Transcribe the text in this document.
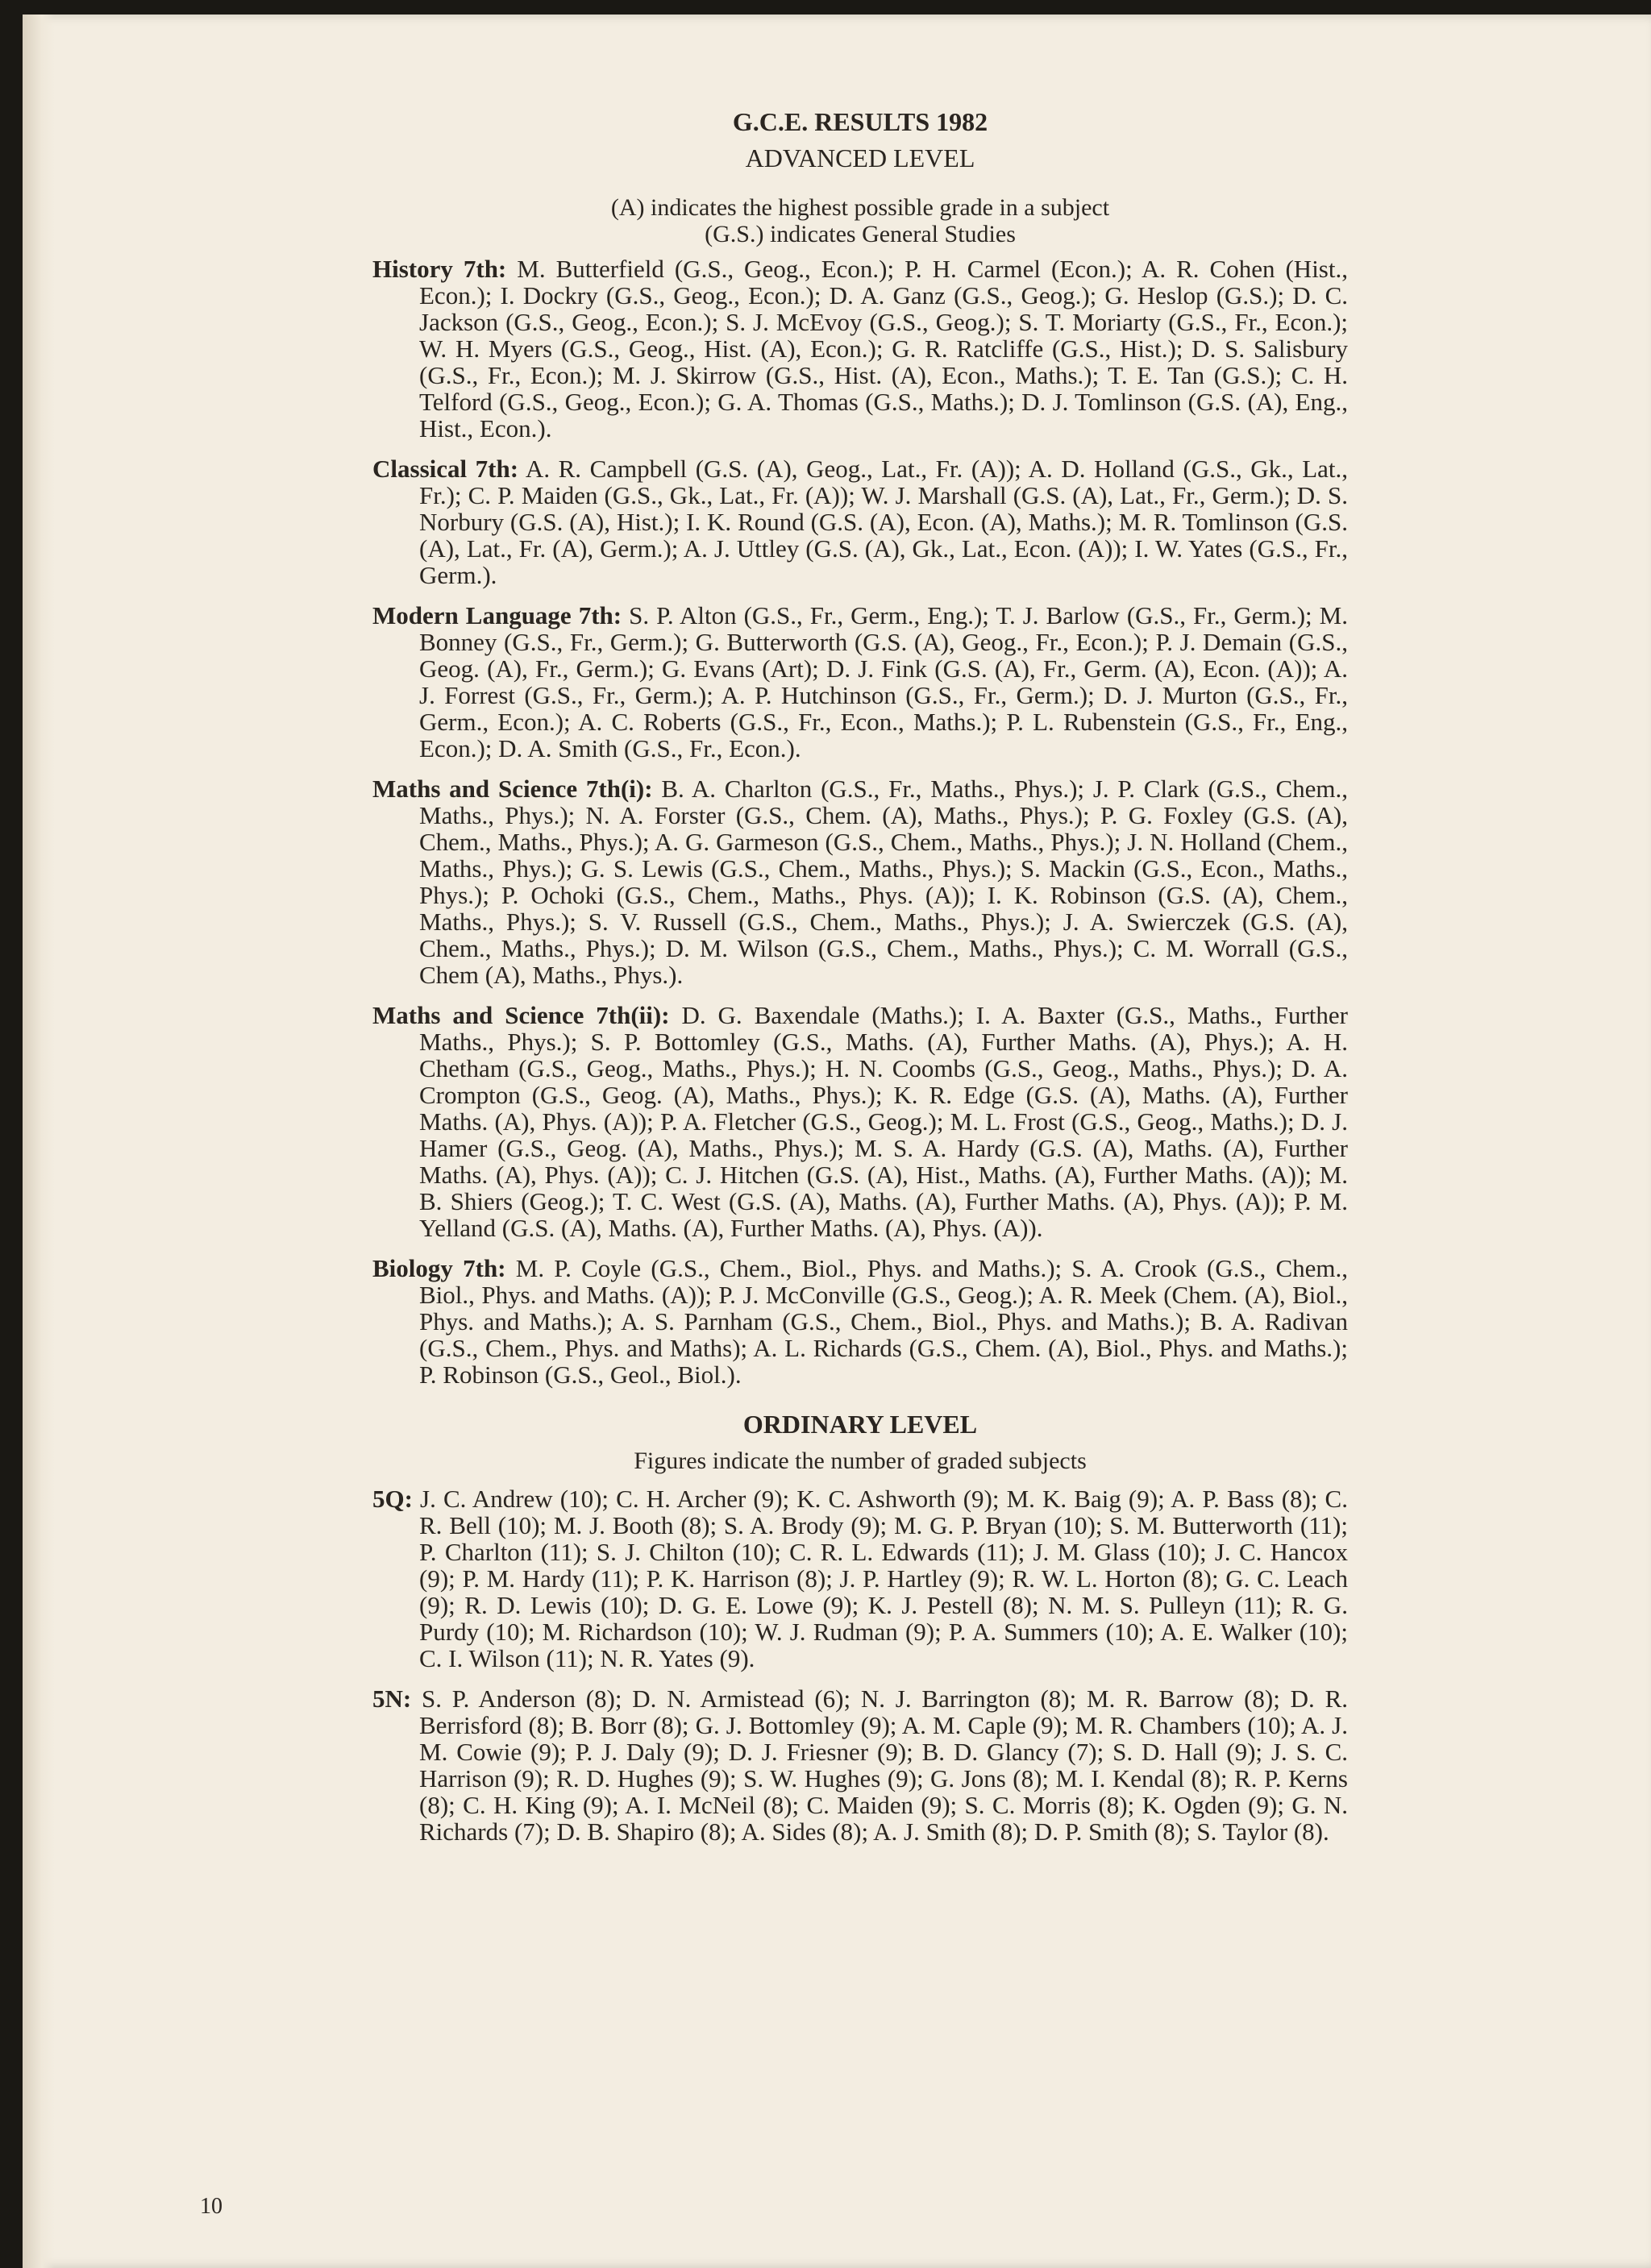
G.C.E. RESULTS 1982
ADVANCED LEVEL
(A) indicates the highest possible grade in a subject
(G.S.) indicates General Studies

History 7th: M. Butterfield (G.S., Geog., Econ.); P. H. Carmel (Econ.); A. R. Cohen (Hist., Econ.); I. Dockry (G.S., Geog., Econ.); D. A. Ganz (G.S., Geog.); G. Heslop (G.S.); D. C. Jackson (G.S., Geog., Econ.); S. J. McEvoy (G.S., Geog.); S. T. Moriarty (G.S., Fr., Econ.); W. H. Myers (G.S., Geog., Hist. (A), Econ.); G. R. Ratcliffe (G.S., Hist.); D. S. Salisbury (G.S., Fr., Econ.); M. J. Skirrow (G.S., Hist. (A), Econ., Maths.); T. E. Tan (G.S.); C. H. Telford (G.S., Geog., Econ.); G. A. Thomas (G.S., Maths.); D. J. Tomlinson (G.S. (A), Eng., Hist., Econ.).

Classical 7th: A. R. Campbell (G.S. (A), Geog., Lat., Fr. (A)); A. D. Holland (G.S., Gk., Lat., Fr.); C. P. Maiden (G.S., Gk., Lat., Fr. (A)); W. J. Marshall (G.S. (A), Lat., Fr., Germ.); D. S. Norbury (G.S. (A), Hist.); I. K. Round (G.S. (A), Econ. (A), Maths.); M. R. Tomlinson (G.S. (A), Lat., Fr. (A), Germ.); A. J. Uttley (G.S. (A), Gk., Lat., Econ. (A)); I. W. Yates (G.S., Fr., Germ.).

Modern Language 7th: S. P. Alton (G.S., Fr., Germ., Eng.); T. J. Barlow (G.S., Fr., Germ.); M. Bonney (G.S., Fr., Germ.); G. Butterworth (G.S. (A), Geog., Fr., Econ.); P. J. Demain (G.S., Geog. (A), Fr., Germ.); G. Evans (Art); D. J. Fink (G.S. (A), Fr., Germ. (A), Econ. (A)); A. J. Forrest (G.S., Fr., Germ.); A. P. Hutchinson (G.S., Fr., Germ.); D. J. Murton (G.S., Fr., Germ., Econ.); A. C. Roberts (G.S., Fr., Econ., Maths.); P. L. Rubenstein (G.S., Fr., Eng., Econ.); D. A. Smith (G.S., Fr., Econ.).

Maths and Science 7th(i): B. A. Charlton (G.S., Fr., Maths., Phys.); J. P. Clark (G.S., Chem., Maths., Phys.); N. A. Forster (G.S., Chem. (A), Maths., Phys.); P. G. Foxley (G.S. (A), Chem., Maths., Phys.); A. G. Garmeson (G.S., Chem., Maths., Phys.); J. N. Holland (Chem., Maths., Phys.); G. S. Lewis (G.S., Chem., Maths., Phys.); S. Mackin (G.S., Econ., Maths., Phys.); P. Ochoki (G.S., Chem., Maths., Phys. (A)); I. K. Robinson (G.S. (A), Chem., Maths., Phys.); S. V. Russell (G.S., Chem., Maths., Phys.); J. A. Swierczek (G.S. (A), Chem., Maths., Phys.); D. M. Wilson (G.S., Chem., Maths., Phys.); C. M. Worrall (G.S., Chem (A), Maths., Phys.).

Maths and Science 7th(ii): D. G. Baxendale (Maths.); I. A. Baxter (G.S., Maths., Further Maths., Phys.); S. P. Bottomley (G.S., Maths. (A), Further Maths. (A), Phys.); A. H. Chetham (G.S., Geog., Maths., Phys.); H. N. Coombs (G.S., Geog., Maths., Phys.); D. A. Crompton (G.S., Geog. (A), Maths., Phys.); K. R. Edge (G.S. (A), Maths. (A), Further Maths. (A), Phys. (A)); P. A. Fletcher (G.S., Geog.); M. L. Frost (G.S., Geog., Maths.); D. J. Hamer (G.S., Geog. (A), Maths., Phys.); M. S. A. Hardy (G.S. (A), Maths. (A), Further Maths. (A), Phys. (A)); C. J. Hitchen (G.S. (A), Hist., Maths. (A), Further Maths. (A)); M. B. Shiers (Geog.); T. C. West (G.S. (A), Maths. (A), Further Maths. (A), Phys. (A)); P. M. Yelland (G.S. (A), Maths. (A), Further Maths. (A), Phys. (A)).

Biology 7th: M. P. Coyle (G.S., Chem., Biol., Phys. and Maths.); S. A. Crook (G.S., Chem., Biol., Phys. and Maths. (A)); P. J. McConville (G.S., Geog.); A. R. Meek (Chem. (A), Biol., Phys. and Maths.); A. S. Parnham (G.S., Chem., Biol., Phys. and Maths.); B. A. Radivan (G.S., Chem., Phys. and Maths); A. L. Richards (G.S., Chem. (A), Biol., Phys. and Maths.); P. Robinson (G.S., Geol., Biol.).

ORDINARY LEVEL
Figures indicate the number of graded subjects

5Q: J. C. Andrew (10); C. H. Archer (9); K. C. Ashworth (9); M. K. Baig (9); A. P. Bass (8); C. R. Bell (10); M. J. Booth (8); S. A. Brody (9); M. G. P. Bryan (10); S. M. Butterworth (11); P. Charlton (11); S. J. Chilton (10); C. R. L. Edwards (11); J. M. Glass (10); J. C. Hancox (9); P. M. Hardy (11); P. K. Harrison (8); J. P. Hartley (9); R. W. L. Horton (8); G. C. Leach (9); R. D. Lewis (10); D. G. E. Lowe (9); K. J. Pestell (8); N. M. S. Pulleyn (11); R. G. Purdy (10); M. Richardson (10); W. J. Rudman (9); P. A. Summers (10); A. E. Walker (10); C. I. Wilson (11); N. R. Yates (9).

5N: S. P. Anderson (8); D. N. Armistead (6); N. J. Barrington (8); M. R. Barrow (8); D. R. Berrisford (8); B. Borr (8); G. J. Bottomley (9); A. M. Caple (9); M. R. Chambers (10); A. J. M. Cowie (9); P. J. Daly (9); D. J. Friesner (9); B. D. Glancy (7); S. D. Hall (9); J. S. C. Harrison (9); R. D. Hughes (9); S. W. Hughes (9); G. Jons (8); M. I. Kendal (8); R. P. Kerns (8); C. H. King (9); A. I. McNeil (8); C. Maiden (9); S. C. Morris (8); K. Ogden (9); G. N. Richards (7); D. B. Shapiro (8); A. Sides (8); A. J. Smith (8); D. P. Smith (8); S. Taylor (8).

10
